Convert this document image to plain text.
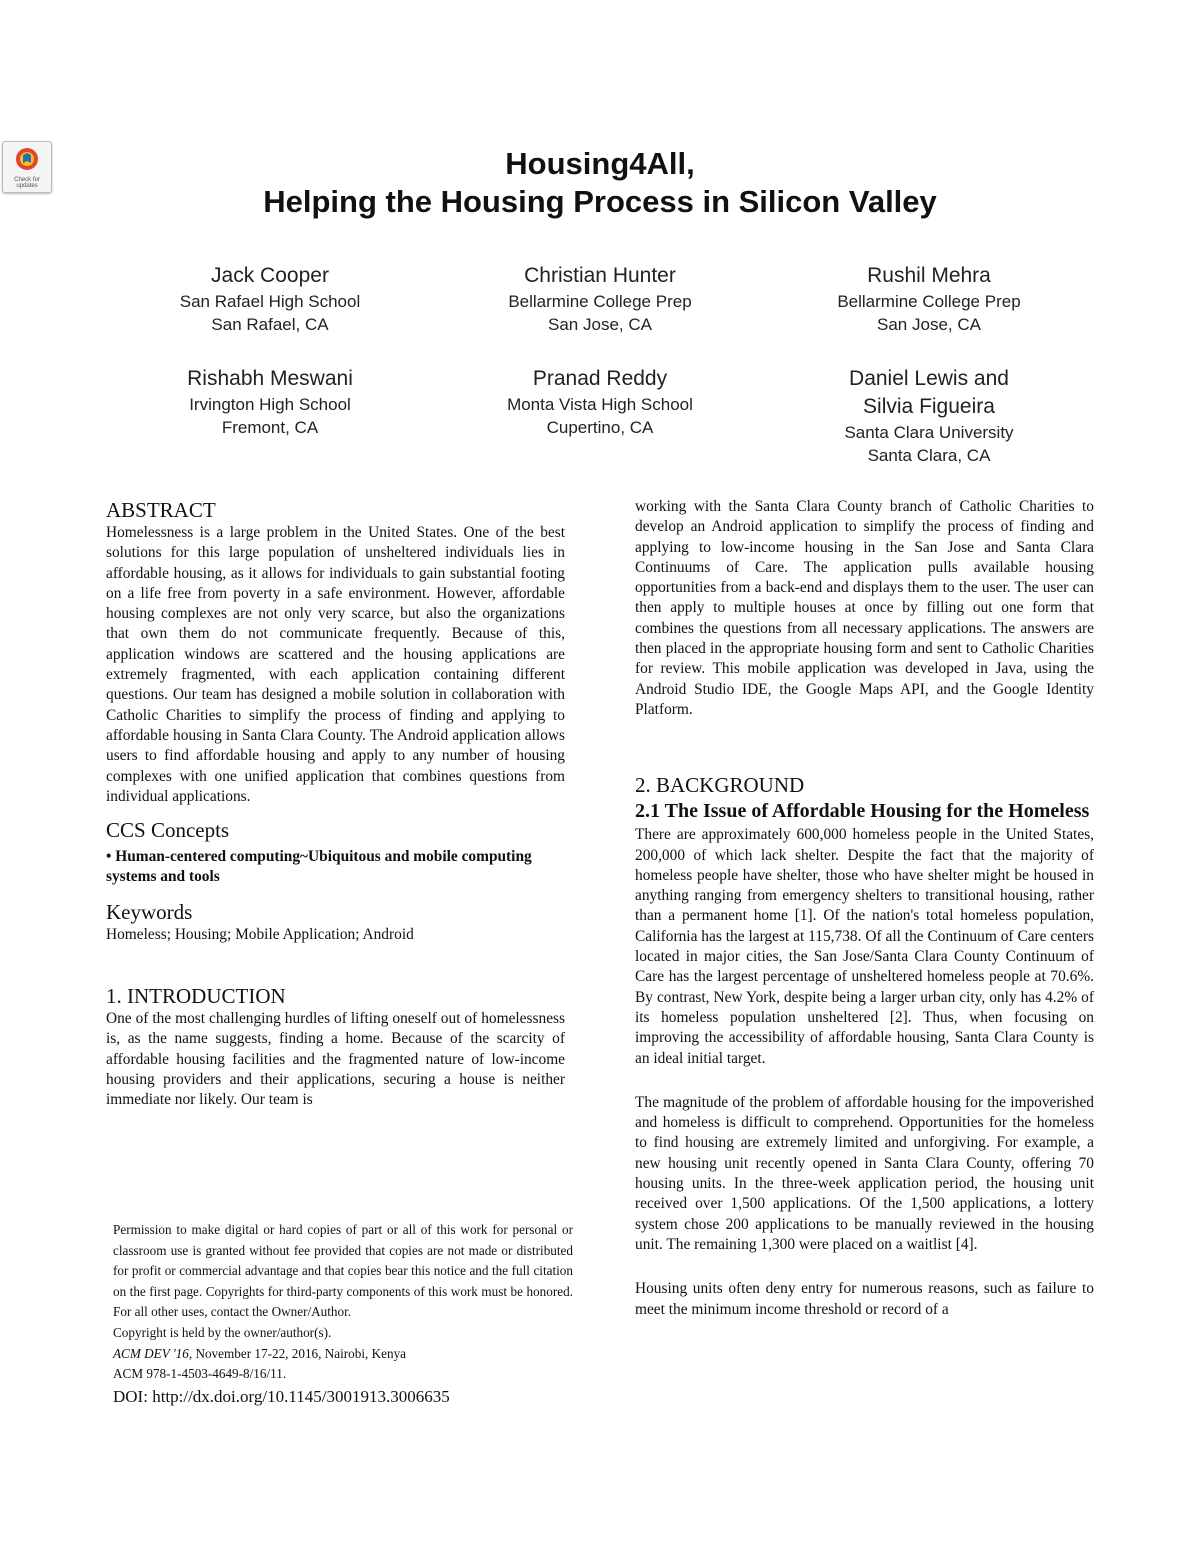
Check for updates
Housing4All,
Helping the Housing Process in Silicon Valley
Jack Cooper
San Rafael High School
San Rafael, CA
Christian Hunter
Bellarmine College Prep
San Jose, CA
Rushil Mehra
Bellarmine College Prep
San Jose, CA
Rishabh Meswani
Irvington High School
Fremont, CA
Pranad Reddy
Monta Vista High School
Cupertino, CA
Daniel Lewis and
Silvia Figueira
Santa Clara University
Santa Clara, CA
ABSTRACT

Homelessness is a large problem in the United States. One of the best solutions for this large population of unsheltered individuals lies in affordable housing, as it allows for individuals to gain substantial footing on a life free from poverty in a safe environment. However, affordable housing complexes are not only very scarce, but also the organizations that own them do not communicate frequently. Because of this, application windows are scattered and the housing applications are extremely fragmented, with each application containing different questions. Our team has designed a mobile solution in collaboration with Catholic Charities to simplify the process of finding and applying to affordable housing in Santa Clara County. The Android application allows users to find affordable housing and apply to any number of housing complexes with one unified application that combines questions from individual applications.

CCS Concepts

• Human-centered computing~Ubiquitous and mobile computing systems and tools

Keywords

Homeless; Housing; Mobile Application; Android

1. INTRODUCTION

One of the most challenging hurdles of lifting oneself out of homelessness is, as the name suggests, finding a home. Because of the scarcity of affordable housing facilities and the fragmented nature of low-income housing providers and their applications, securing a house is neither immediate nor likely. Our team is

Permission to make digital or hard copies of part or all of this work for personal or classroom use is granted without fee provided that copies are not made or distributed for profit or commercial advantage and that copies bear this notice and the full citation on the first page. Copyrights for third-party components of this work must be honored. For all other uses, contact the Owner/Author.

Copyright is held by the owner/author(s).

ACM DEV '16, November 17-22, 2016, Nairobi, Kenya

ACM 978-1-4503-4649-8/16/11.

DOI: http://dx.doi.org/10.1145/3001913.3006635

working with the Santa Clara County branch of Catholic Charities to develop an Android application to simplify the process of finding and applying to low-income housing in the San Jose and Santa Clara Continuums of Care. The application pulls available housing opportunities from a back-end and displays them to the user. The user can then apply to multiple houses at once by filling out one form that combines the questions from all necessary applications. The answers are then placed in the appropriate housing form and sent to Catholic Charities for review. This mobile application was developed in Java, using the Android Studio IDE, the Google Maps API, and the Google Identity Platform.

2. BACKGROUND
2.1 The Issue of Affordable Housing for the Homeless

There are approximately 600,000 homeless people in the United States, 200,000 of which lack shelter. Despite the fact that the majority of homeless people have shelter, those who have shelter might be housed in anything ranging from emergency shelters to transitional housing, rather than a permanent home [1]. Of the nation's total homeless population, California has the largest at 115,738. Of all the Continuum of Care centers located in major cities, the San Jose/Santa Clara County Continuum of Care has the largest percentage of unsheltered homeless people at 70.6%. By contrast, New York, despite being a larger urban city, only has 4.2% of its homeless population unsheltered [2]. Thus, when focusing on improving the accessibility of affordable housing, Santa Clara County is an ideal initial target.

The magnitude of the problem of affordable housing for the impoverished and homeless is difficult to comprehend. Opportunities for the homeless to find housing are extremely limited and unforgiving. For example, a new housing unit recently opened in Santa Clara County, offering 70 housing units. In the three-week application period, the housing unit received over 1,500 applications. Of the 1,500 applications, a lottery system chose 200 applications to be manually reviewed in the housing unit. The remaining 1,300 were placed on a waitlist [4].

Housing units often deny entry for numerous reasons, such as failure to meet the minimum income threshold or record of a
